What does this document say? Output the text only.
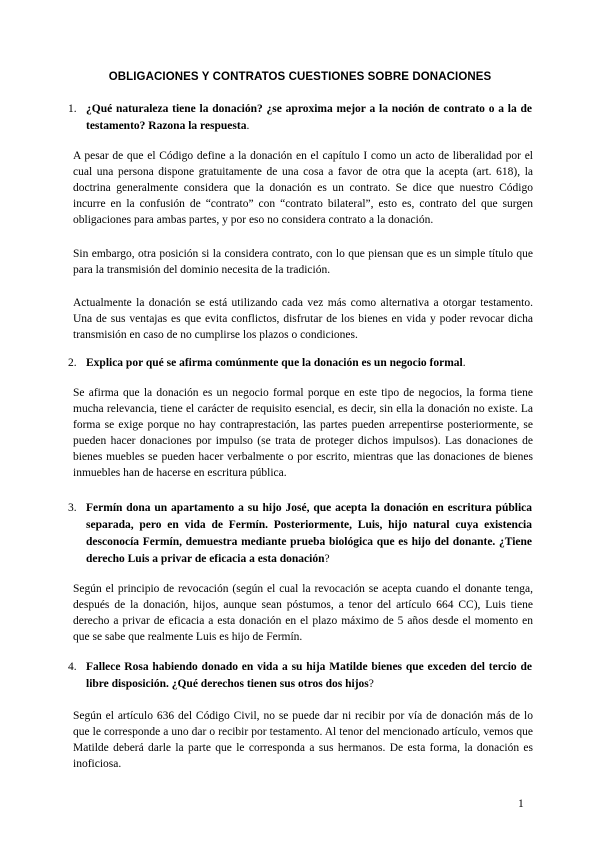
OBLIGACIONES Y CONTRATOS CUESTIONES SOBRE DONACIONES
1. ¿Qué naturaleza tiene la donación? ¿se aproxima mejor a la noción de contrato o a la de testamento? Razona la respuesta.
A pesar de que el Código define a la donación en el capítulo I como un acto de liberalidad por el cual una persona dispone gratuitamente de una cosa a favor de otra que la acepta (art. 618), la doctrina generalmente considera que la donación es un contrato. Se dice que nuestro Código incurre en la confusión de “contrato” con “contrato bilateral”, esto es, contrato del que surgen obligaciones para ambas partes, y por eso no considera contrato a la donación.
Sin embargo, otra posición si la considera contrato, con lo que piensan que es un simple título que para la transmisión del dominio necesita de la tradición.
Actualmente la donación se está utilizando cada vez más como alternativa a otorgar testamento. Una de sus ventajas es que evita conflictos, disfrutar de los bienes en vida y poder revocar dicha transmisión en caso de no cumplirse los plazos o condiciones.
2. Explica por qué se afirma comúnmente que la donación es un negocio formal.
Se afirma que la donación es un negocio formal porque en este tipo de negocios, la forma tiene mucha relevancia, tiene el carácter de requisito esencial, es decir, sin ella la donación no existe. La forma se exige porque no hay contraprestación, las partes pueden arrepentirse posteriormente, se pueden hacer donaciones por impulso (se trata de proteger dichos impulsos). Las donaciones de bienes muebles se pueden hacer verbalmente o por escrito, mientras que las donaciones de bienes inmuebles han de hacerse en escritura pública.
3. Fermín dona un apartamento a su hijo José, que acepta la donación en escritura pública separada, pero en vida de Fermín. Posteriormente, Luis, hijo natural cuya existencia desconocía Fermín, demuestra mediante prueba biológica que es hijo del donante. ¿Tiene derecho Luis a privar de eficacia a esta donación?
Según el principio de revocación (según el cual la revocación se acepta cuando el donante tenga, después de la donación, hijos, aunque sean póstumos, a tenor del artículo 664 CC), Luis tiene derecho a privar de eficacia a esta donación en el plazo máximo de 5 años desde el momento en que se sabe que realmente Luis es hijo de Fermín.
4. Fallece Rosa habiendo donado en vida a su hija Matilde bienes que exceden del tercio de libre disposición. ¿Qué derechos tienen sus otros dos hijos?
Según el artículo 636 del Código Civil, no se puede dar ni recibir por vía de donación más de lo que le corresponde a uno dar o recibir por testamento. Al tenor del mencionado artículo, vemos que Matilde deberá darle la parte que le corresponda a sus hermanos. De esta forma, la donación es inoficiosa.
1
